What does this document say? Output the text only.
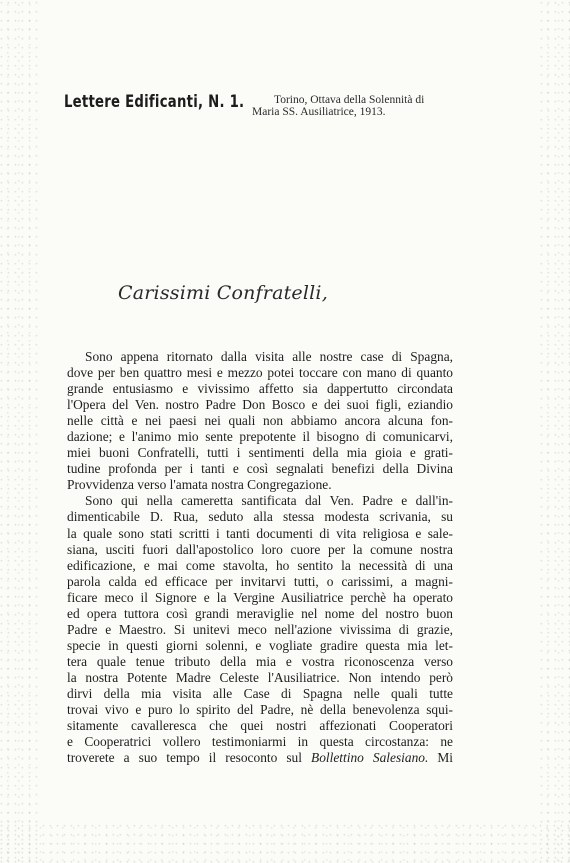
Lettere Edificanti, N. 1.	Torino, Ottava della Solennità di
Maria SS. Ausiliatrice, 1913.
Carissimi Confratelli,
Sono appena ritornato dalla visita alle nostre case di Spagna,
dove per ben quattro mesi e mezzo potei toccare con mano di quanto
grande entusiasmo e vivissimo affetto sia dappertutto circondata
l'Opera del Ven. nostro Padre Don Bosco e dei suoi figli, eziandio
nelle città e nei paesi nei quali non abbiamo ancora alcuna fon-
dazione; e l'animo mio sente prepotente il bisogno di comunicarvi,
miei buoni Confratelli, tutti i sentimenti della mia gioia e grati-
tudine profonda per i tanti e così segnalati benefizi della Divina
Provvidenza verso l'amata nostra Congregazione.
Sono qui nella cameretta santificata dal Ven. Padre e dall'in-
dimenticabile D. Rua, seduto alla stessa modesta scrivania, su
la quale sono stati scritti i tanti documenti di vita religiosa e sale-
siana, usciti fuori dall'apostolico loro cuore per la comune nostra
edificazione, e mai come stavolta, ho sentito la necessità di una
parola calda ed efficace per invitarvi tutti, o carissimi, a magni-
ficare meco il Signore e la Vergine Ausiliatrice perchè ha operato
ed opera tuttora così grandi meraviglie nel nome del nostro buon
Padre e Maestro. Si unitevi meco nell'azione vivissima di grazie,
specie in questi giorni solenni, e vogliate gradire questa mia let-
tera quale tenue tributo della mia e vostra riconoscenza verso
la nostra Potente Madre Celeste l'Ausiliatrice. Non intendo però
dirvi della mia visita alle Case di Spagna nelle quali tutte
trovai vivo e puro lo spirito del Padre, nè della benevolenza squi-
sitamente cavalleresca che quei nostri affezionati Cooperatori
e Cooperatrici vollero testimoniarmi in questa circostanza: ne
troverete a suo tempo il resoconto sul Bollettino Salesiano. Mi
